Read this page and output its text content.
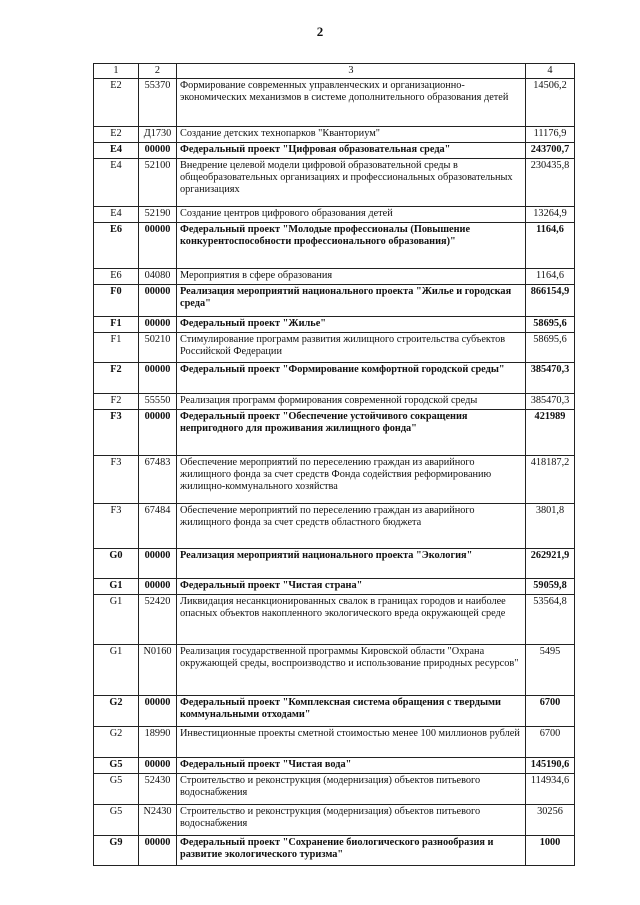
2
1	2	3	4
E2	55370	Формирование современных управленческих и организационно-экономических механизмов в системе дополнительного образования детей	14506,2
E2	Д1730	Создание детских технопарков "Кванториум"	11176,9
E4	00000	Федеральный проект "Цифровая образовательная среда"	243700,7
E4	52100	Внедрение целевой модели цифровой образовательной среды в общеобразовательных организациях и профессиональных образовательных организациях	230435,8
E4	52190	Создание центров цифрового образования детей	13264,9
E6	00000	Федеральный проект "Молодые профессионалы (Повышение конкурентоспособности профессионального образования)"	1164,6
E6	04080	Мероприятия в сфере образования	1164,6
F0	00000	Реализация мероприятий национального проекта "Жилье и городская среда"	866154,9
F1	00000	Федеральный проект "Жилье"	58695,6
F1	50210	Стимулирование программ развития жилищного строительства субъектов Российской Федерации	58695,6
F2	00000	Федеральный проект "Формирование комфортной городской среды"	385470,3
F2	55550	Реализация программ формирования современной городской среды	385470,3
F3	00000	Федеральный проект "Обеспечение устойчивого сокращения непригодного для проживания жилищного фонда"	421989
F3	67483	Обеспечение мероприятий по переселению граждан из аварийного жилищного фонда за счет средств Фонда содействия реформированию жилищно-коммунального хозяйства	418187,2
F3	67484	Обеспечение мероприятий по переселению граждан из аварийного жилищного фонда за счет средств областного бюджета	3801,8
G0	00000	Реализация мероприятий национального проекта "Экология"	262921,9
G1	00000	Федеральный проект "Чистая страна"	59059,8
G1	52420	Ликвидация несанкционированных свалок в границах городов и наиболее опасных объектов накопленного экологического вреда окружающей среде	53564,8
G1	N0160	Реализация государственной программы Кировской области "Охрана окружающей среды, воспроизводство и использование природных ресурсов"	5495
G2	00000	Федеральный проект "Комплексная система обращения с твердыми коммунальными отходами"	6700
G2	18990	Инвестиционные проекты сметной стоимостью менее 100 миллионов рублей	6700
G5	00000	Федеральный проект "Чистая вода"	145190,6
G5	52430	Строительство и реконструкция (модернизация) объектов питьевого водоснабжения	114934,6
G5	N2430	Строительство и реконструкция (модернизация) объектов питьевого водоснабжения	30256
G9	00000	Федеральный проект "Сохранение биологического разнообразия и развитие экологического туризма"	1000
